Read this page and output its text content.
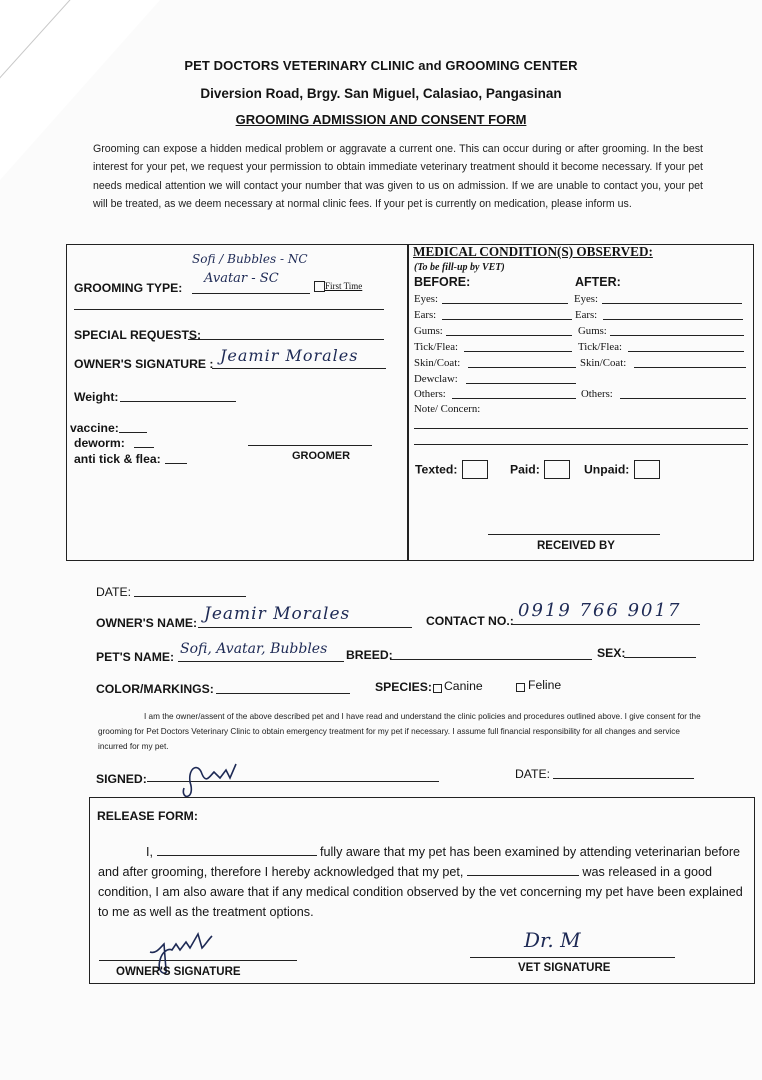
PET DOCTORS VETERINARY CLINIC and GROOMING CENTER
Diversion Road, Brgy. San Miguel, Calasiao, Pangasinan
GROOMING ADMISSION AND CONSENT FORM
Grooming can expose a hidden medical problem or aggravate a current one. This can occur during or after grooming. In the best interest for your pet, we request your permission to obtain immediate veterinary treatment should it become necessary. If your pet needs medical attention we will contact your number that was given to us on admission. If we are unable to contact you, your pet will be treated, as we deem necessary at normal clinic fees. If your pet is currently on medication, please inform us.
Sofi / Bubbles - NC
GROOMING TYPE:
Avatar - SC	First Time
SPECIAL REQUESTS:
OWNER'S SIGNATURE : Jeamir Morales
Weight:
vaccine:
deworm:
anti tick & flea:	GROOMER
MEDICAL CONDITION(S) OBSERVED:
(To be fill-up by VET)
BEFORE:	AFTER:
Eyes:	Eyes:
Ears:	Ears:
Gums:	Gums:
Tick/Flea:	Tick/Flea:
Skin/Coat:	Skin/Coat:
Dewclaw:
Others:	Others:
Note/ Concern:
Texted:	Paid:	Unpaid:
RECEIVED BY
DATE:
OWNER'S NAME: Jeamir Morales	CONTACT NO.: 0919 766 9017
PET'S NAME: Sofi, Avatar, Bubbles BREED:	SEX:
COLOR/MARKINGS:	SPECIES: Canine	Feline
I am the owner/assent of the above described pet and I have read and understand the clinic policies and procedures outlined above. I give consent for the grooming for Pet Doctors Veterinary Clinic to obtain emergency treatment for my pet if necessary. I assume full financial responsibility for all changes and service incurred for my pet.
SIGNED:	DATE:
RELEASE FORM:
I,	fully aware that my pet has been examined by attending veterinarian before and after grooming, therefore I hereby acknowledged that my pet,	was released in a good condition, I am also aware that if any medical condition observed by the vet concerning my pet have been explained to me as well as the treatment options.
OWNER'S SIGNATURE
Dr. M
VET SIGNATURE
